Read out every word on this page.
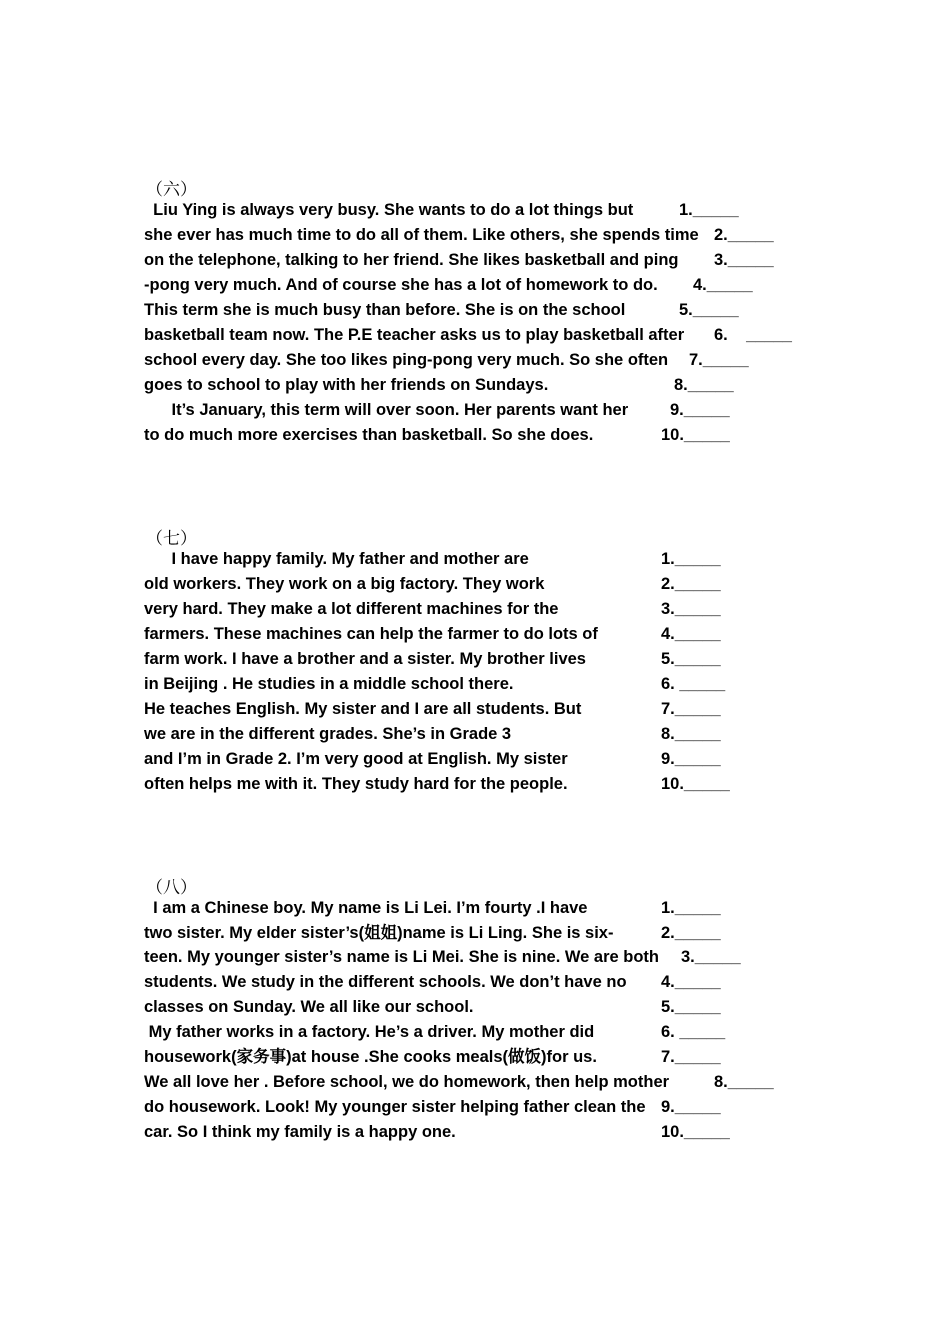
（六）
Liu Ying is always very busy. She wants to do a lot things but
she ever has much time to do all of them. Like others, she spends time
on the telephone, talking to her friend. She likes basketball and ping
-pong very much. And of course she has a lot of homework to do.
This term she is much busy than before. She is on the school
basketball team now. The P.E teacher asks us to play basketball after
school every day. She too likes ping-pong very much. So she often
goes to school to play with her friends on Sundays.
It’s January, this term will over soon. Her parents want her
to do much more exercises than basketball. So she does.
1._____
2._____
3._____
4._____
5._____
6.    _____
7._____
8._____
9._____
10._____
（七）
I have happy family. My father and mother are
old workers. They work on a big factory. They work
very hard. They make a lot different machines for the
farmers. These machines can help the farmer to do lots of
farm work. I have a brother and a sister. My brother lives
in Beijing . He studies in a middle school there.
He teaches English. My sister and I are all students. But
we are in the different grades. She’s in Grade 3
and I’m in Grade 2. I’m very good at English. My sister
often helps me with it. They study hard for the people.
1._____
2._____
3._____
4._____
5._____
6. _____
7._____
8._____
9._____
10._____
（八）
I am a Chinese boy. My name is Li Lei. I’m fourty .I have
two sister. My elder sister’s(姐姐)name is Li Ling. She is six-
teen. My younger sister’s name is Li Mei. She is nine. We are both
students. We study in the different schools. We don’t have no
classes on Sunday. We all like our school.
My father works in a factory. He’s a driver. My mother did
housework(家务事)at house .She cooks meals(做饭)for us.
We all love her . Before school, we do homework, then help mother
do housework. Look! My younger sister helping father clean the
car. So I think my family is a happy one.
1._____
2._____
3._____
4._____
5._____
6. _____
7._____
8._____
9._____
10._____
